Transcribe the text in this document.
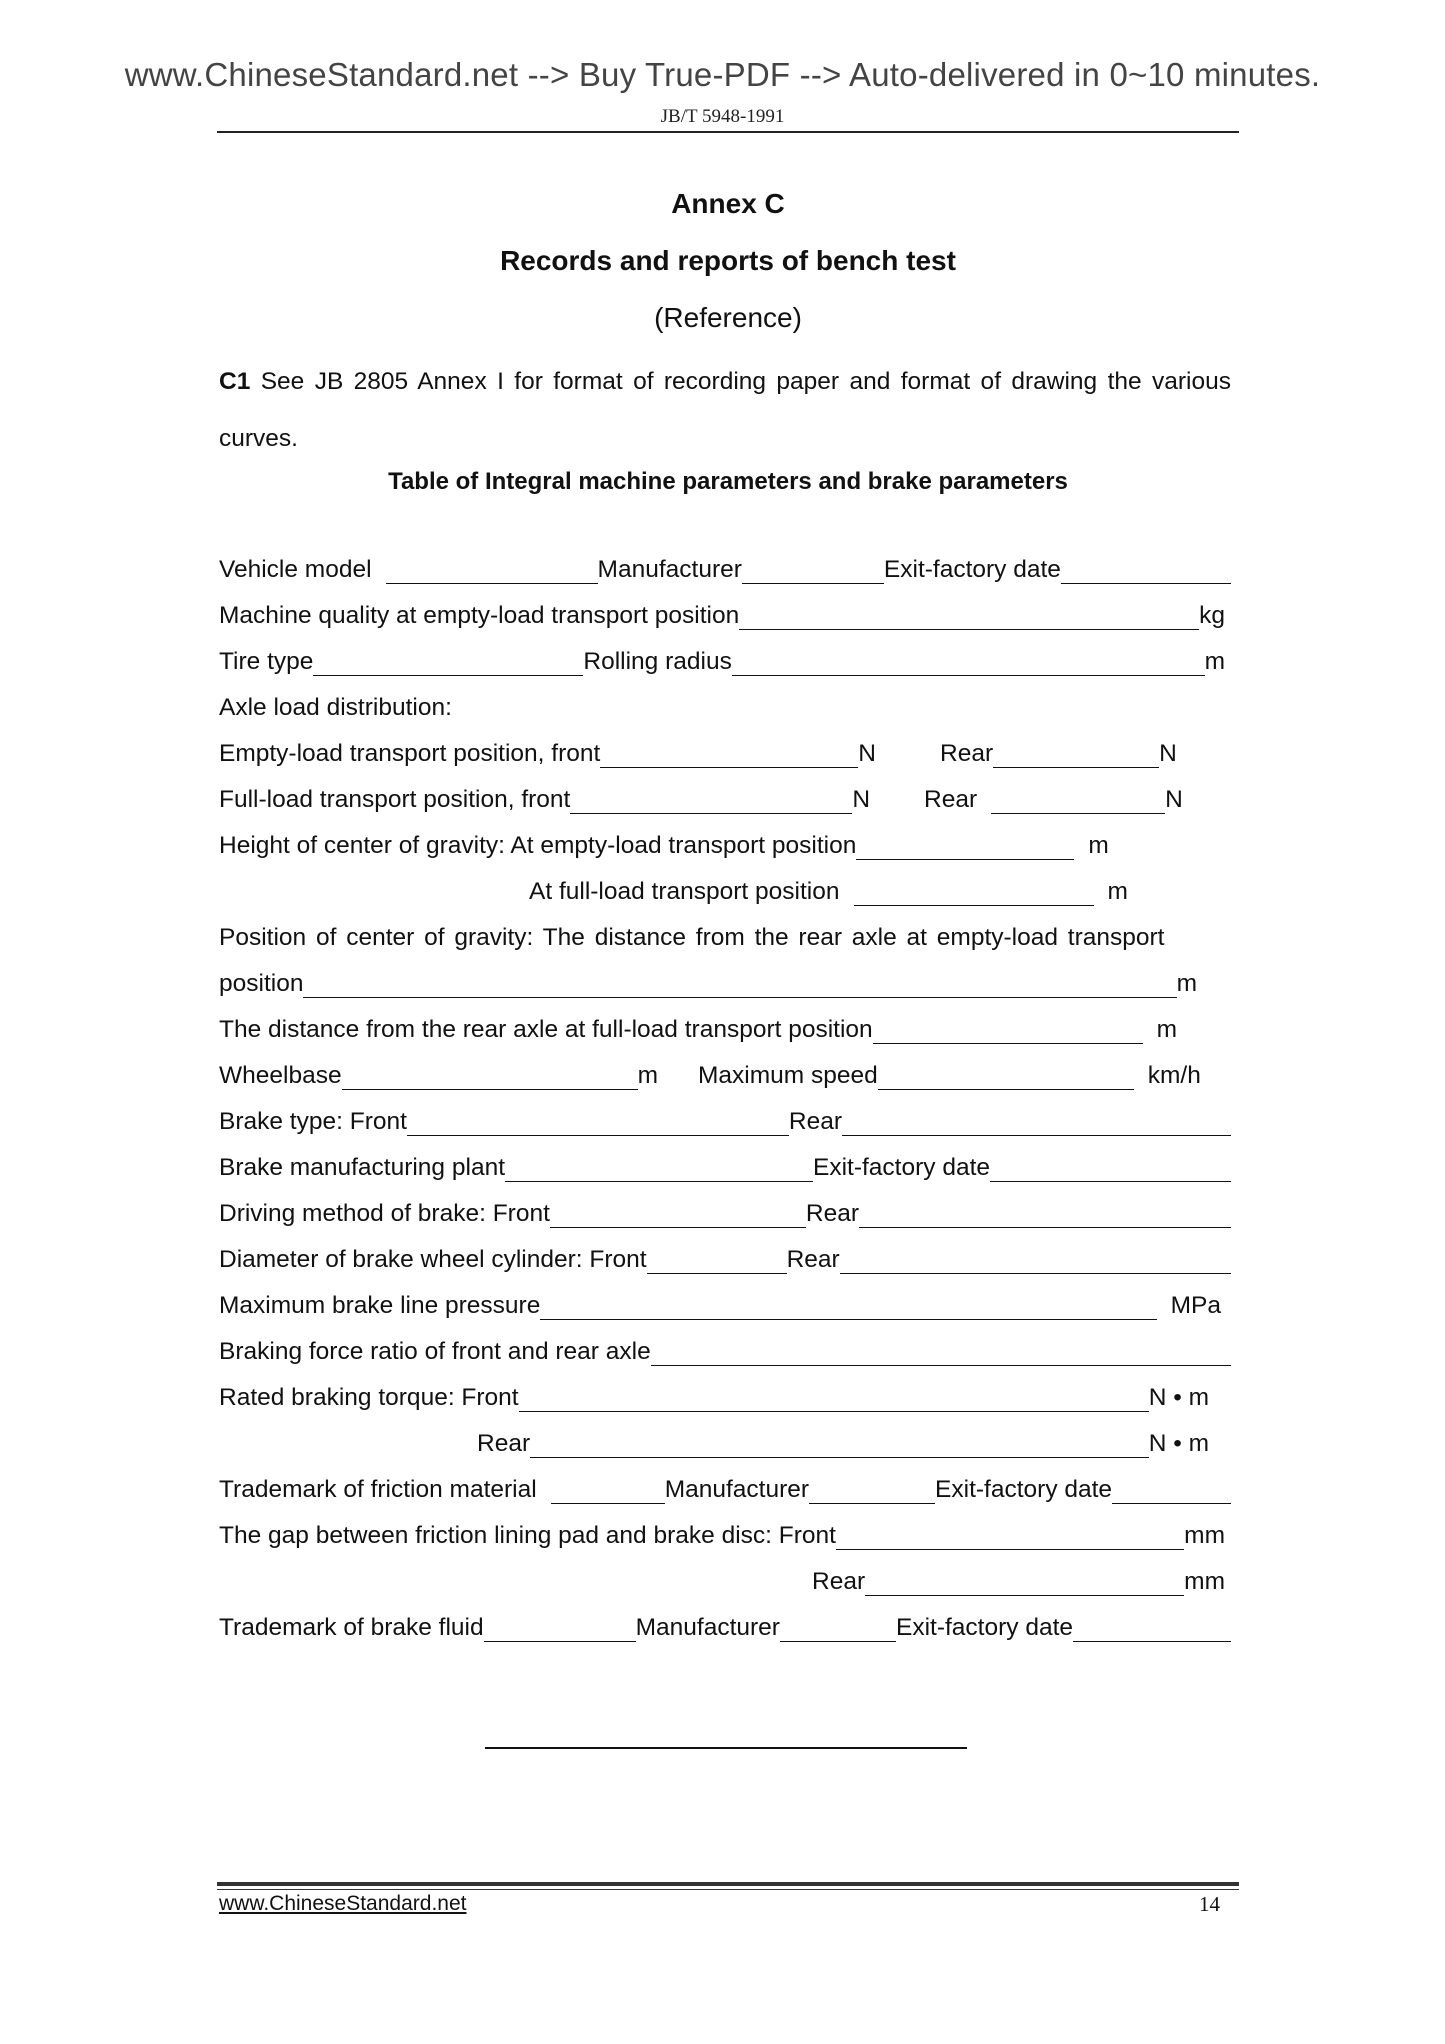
www.ChineseStandard.net --> Buy True-PDF --> Auto-delivered in 0~10 minutes.
JB/T 5948-1991
Annex C
Records and reports of bench test
(Reference)
C1 See JB 2805 Annex I for format of recording paper and format of drawing the various curves.
Table of Integral machine parameters and brake parameters
Vehicle model	Manufacturer	Exit-factory date
Machine quality at empty-load transport position	kg
Tire type	Rolling radius	m
Axle load distribution:
Empty-load transport position, front	N	Rear	N
Full-load transport position, front	N Rear	N
Height of center of gravity: At empty-load transport position	m
At full-load transport position	m
Position of center of gravity: The distance from the rear axle at empty-load transport
position	m
The distance from the rear axle at full-load transport position	m
Wheelbase	m Maximum speed	km/h
Brake type: Front	Rear
Brake manufacturing plant	Exit-factory date
Driving method of brake: Front	Rear
Diameter of brake wheel cylinder: Front	Rear
Maximum brake line pressure	MPa
Braking force ratio of front and rear axle
Rated braking torque: Front	N • m
Rear	N • m
Trademark of friction material	Manufacturer	Exit-factory date
The gap between friction lining pad and brake disc: Front	mm
Rear	mm
Trademark of brake fluid	Manufacturer	Exit-factory date
www.ChineseStandard.net	14
